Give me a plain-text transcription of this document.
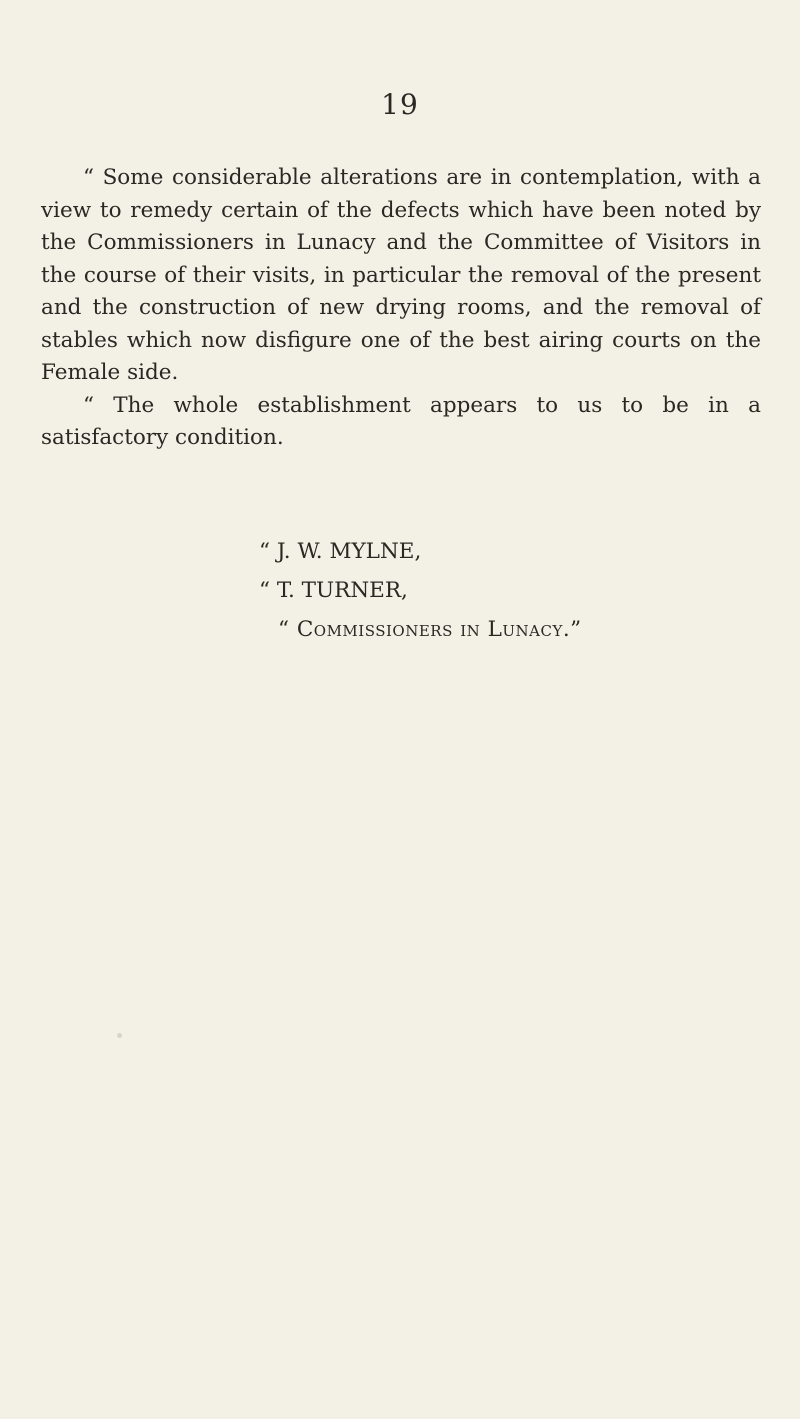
19

“ Some considerable alterations are in contemplation, with a view to remedy certain of the defects which have been noted by the Commissioners in Lunacy and the Committee of Visitors in the course of their visits, in particular the removal of the present and the construction of new drying rooms, and the removal of stables which now disfigure one of the best airing courts on the Female side.

“ The whole establishment appears to us to be in a satisfactory condition.

“ J. W. MYLNE,
“ T. TURNER,
“ Commissioners in Lunacy.”
